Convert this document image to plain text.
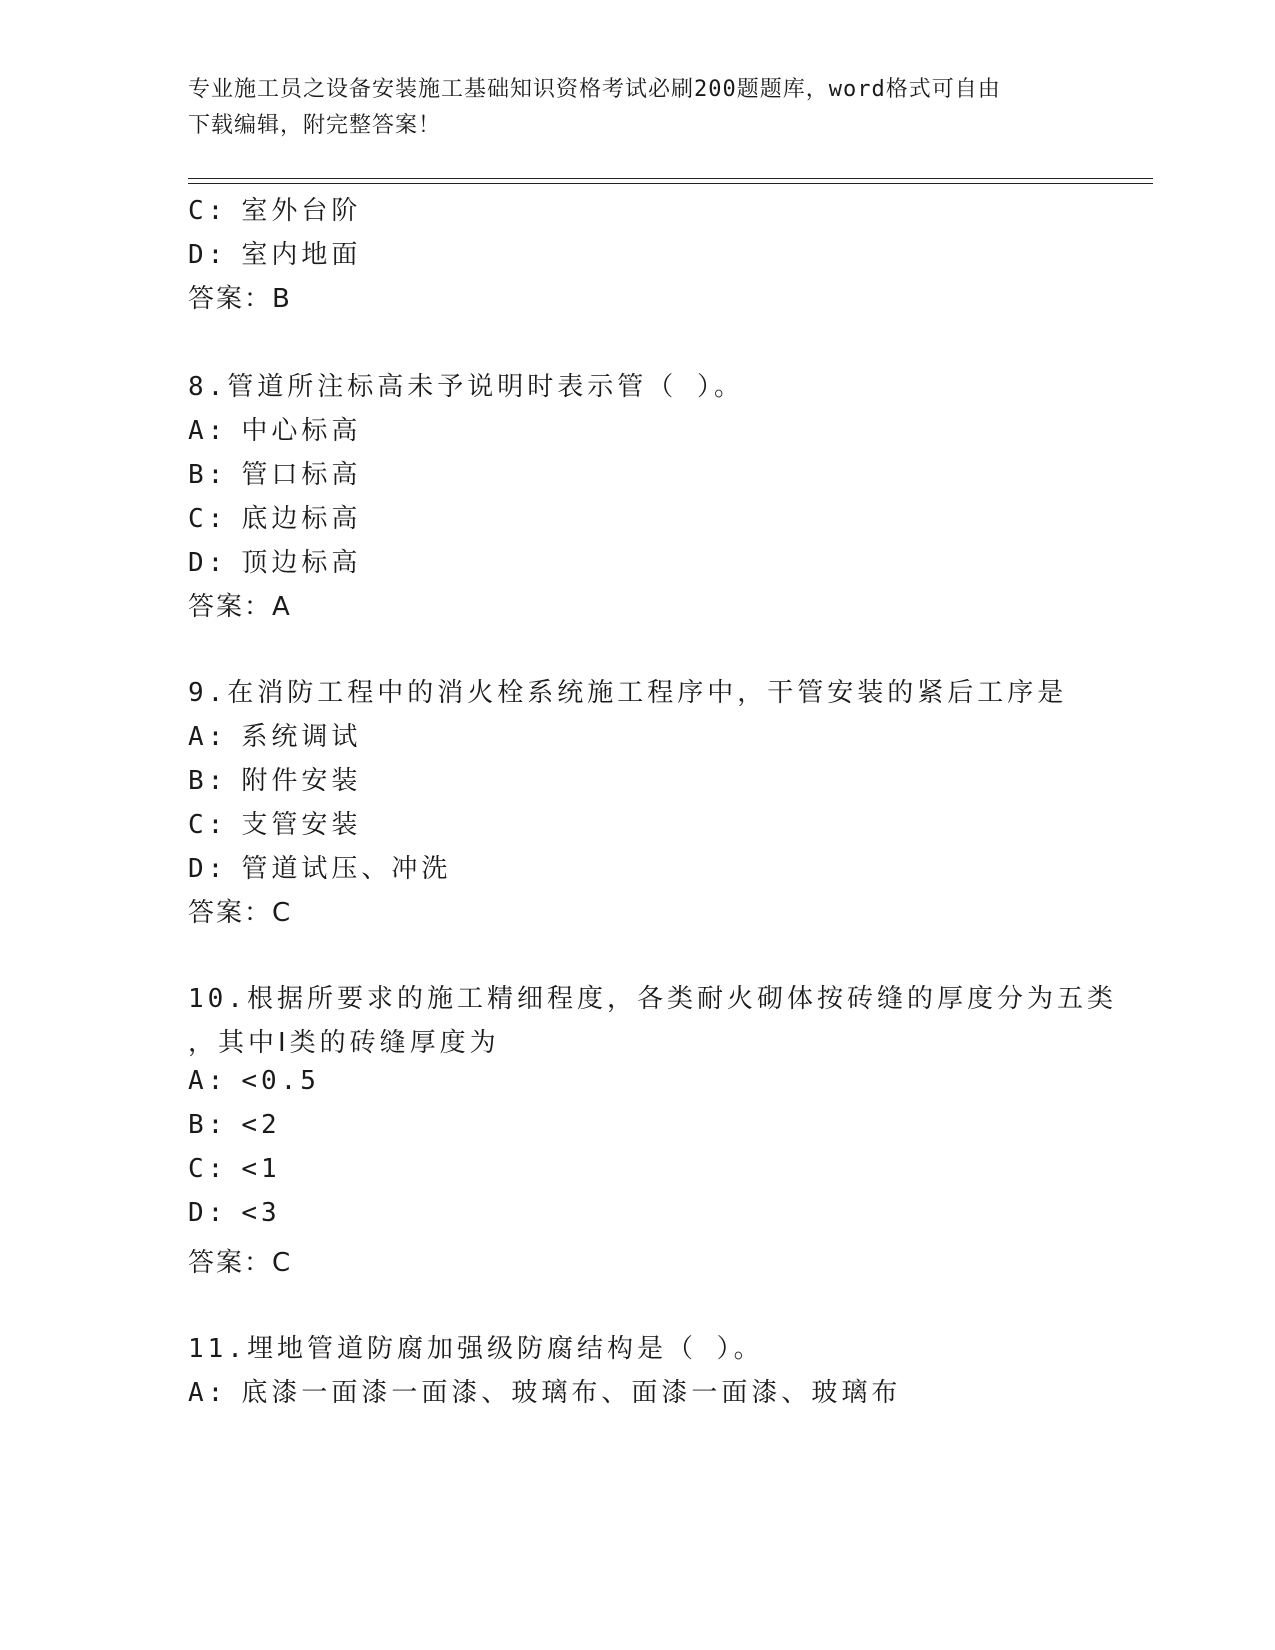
专业施工员之设备安装施工基础知识资格考试必刷200题题库，word格式可自由
下载编辑，附完整答案！
C: 室外台阶
D: 室内地面
答案：B
8.管道所注标高未予说明时表示管（ ）。
A: 中心标高
B: 管口标高
C: 底边标高
D: 顶边标高
答案：A
9.在消防工程中的消火栓系统施工程序中，干管安装的紧后工序是
A: 系统调试
B: 附件安装
C: 支管安装
D: 管道试压、冲洗
答案：C
10.根据所要求的施工精细程度，各类耐火砌体按砖缝的厚度分为五类
，其中Ⅰ类的砖缝厚度为
A: <0.5
B: <2
C: <1
D: <3
答案：C
11.埋地管道防腐加强级防腐结构是（ ）。
A: 底漆一面漆一面漆、玻璃布、面漆一面漆、玻璃布
